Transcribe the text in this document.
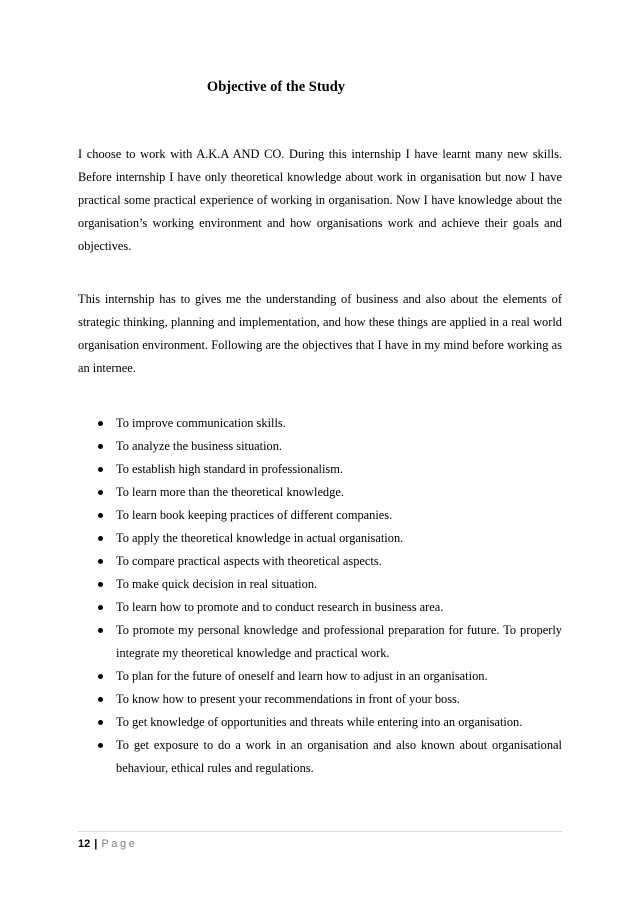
Objective of the Study

I choose to work with A.K.A AND CO. During this internship I have learnt many new skills. Before internship I have only theoretical knowledge about work in organisation but now I have practical some practical experience of working in organisation. Now I have knowledge about the organisation’s working environment and how organisations work and achieve their goals and objectives.

This internship has to gives me the understanding of business and also about the elements of strategic thinking, planning and implementation, and how these things are applied in a real world organisation environment. Following are the objectives that I have in my mind before working as an internee.

To improve communication skills.
To analyze the business situation.
To establish high standard in professionalism.
To learn more than the theoretical knowledge.
To learn book keeping practices of different companies.
To apply the theoretical knowledge in actual organisation.
To compare practical aspects with theoretical aspects.
To make quick decision in real situation.
To learn how to promote and to conduct research in business area.
To promote my personal knowledge and professional preparation for future. To properly integrate my theoretical knowledge and practical work.
To plan for the future of oneself and learn how to adjust in an organisation.
To know how to present your recommendations in front of your boss.
To get knowledge of opportunities and threats while entering into an organisation.
To get exposure to do a work in an organisation and also known about organisational behaviour, ethical rules and regulations.
12 | Page
